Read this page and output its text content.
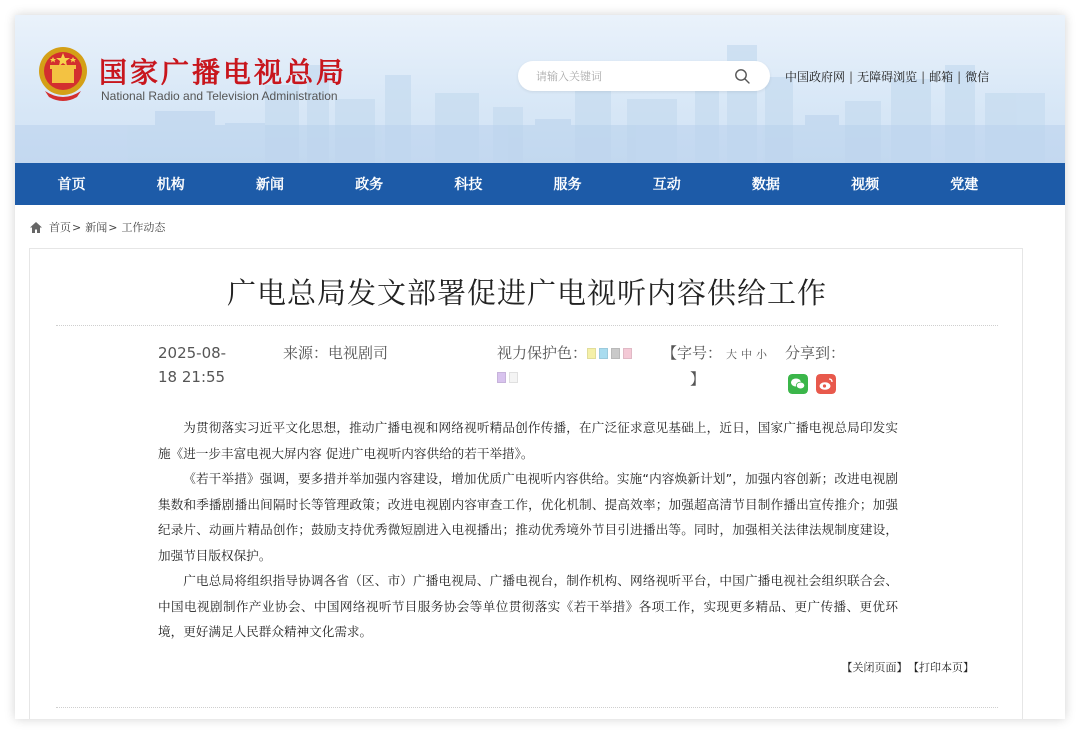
国家广播电视总局
National Radio and Television Administration
请输入关键词
中国政府网 | 无障碍浏览 | 邮箱 | 微信
首页	机构	新闻	政务	科技	服务	互动	数据	视频	党建
首页 > 新闻 > 工作动态
广电总局发文部署促进广电视听内容供给工作
2025-08-
18 21:55
来源：电视剧司	视力保护色：	【字号： 大 中 小
】
分享到：

为贯彻落实习近平文化思想，推动广播电视和网络视听精品创作传播，在广泛征求意见基础上，近日，国家广播电视总局印发实施《进一步丰富电视大屏内容 促进广电视听内容供给的若干举措》。

《若干举措》强调，要多措并举加强内容建设，增加优质广电视听内容供给。实施“内容焕新计划”，加强内容创新；改进电视剧集数和季播剧播出间隔时长等管理政策；改进电视剧内容审查工作，优化机制、提高效率；加强超高清节目制作播出宣传推介；加强纪录片、动画片精品创作；鼓励支持优秀微短剧进入电视播出；推动优秀境外节目引进播出等。同时，加强相关法律法规制度建设，加强节目版权保护。

广电总局将组织指导协调各省（区、市）广播电视局、广播电视台，制作机构、网络视听平台，中国广播电视社会组织联合会、中国电视剧制作产业协会、中国网络视听节目服务协会等单位贯彻落实《若干举措》各项工作，实现更多精品、更广传播、更优环境，更好满足人民群众精神文化需求。

【关闭页面】 【打印本页】
